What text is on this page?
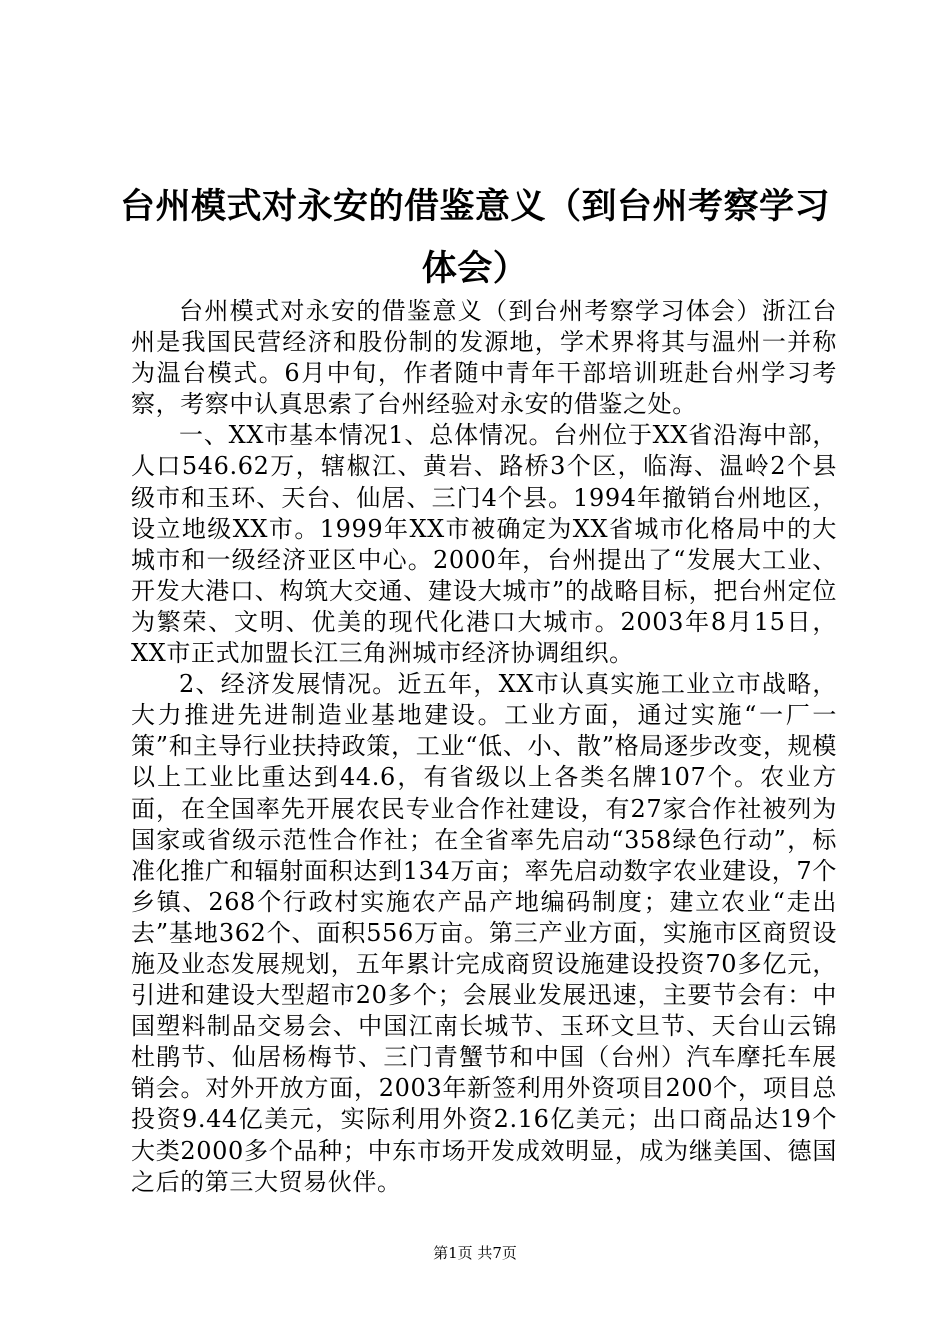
台州模式对永安的借鉴意义（到台州考察学习体会）

台州模式对永安的借鉴意义（到台州考察学习体会）浙江台州是我国民营经济和股份制的发源地，学术界将其与温州一并称为温台模式。6月中旬，作者随中青年干部培训班赴台州学习考察，考察中认真思索了台州经验对永安的借鉴之处。

一、XX市基本情况1、总体情况。台州位于XX省沿海中部，人口546.62万，辖椒江、黄岩、路桥3个区，临海、温岭2个县级市和玉环、天台、仙居、三门4个县。1994年撤销台州地区，设立地级XX市。1999年XX市被确定为XX省城市化格局中的大城市和一级经济亚区中心。2000年，台州提出了“发展大工业、开发大港口、构筑大交通、建设大城市”的战略目标，把台州定位为繁荣、文明、优美的现代化港口大城市。2003年8月15日，XX市正式加盟长江三角洲城市经济协调组织。

2、经济发展情况。近五年，XX市认真实施工业立市战略，大力推进先进制造业基地建设。工业方面，通过实施“一厂一策”和主导行业扶持政策，工业“低、小、散”格局逐步改变，规模以上工业比重达到44.6，有省级以上各类名牌107个。农业方面，在全国率先开展农民专业合作社建设，有27家合作社被列为国家或省级示范性合作社；在全省率先启动“358绿色行动”，标准化推广和辐射面积达到134万亩；率先启动数字农业建设，7个乡镇、268个行政村实施农产品产地编码制度；建立农业“走出去”基地362个、面积556万亩。第三产业方面，实施市区商贸设施及业态发展规划，五年累计完成商贸设施建设投资70多亿元，引进和建设大型超市20多个；会展业发展迅速，主要节会有：中国塑料制品交易会、中国江南长城节、玉环文旦节、天台山云锦杜鹃节、仙居杨梅节、三门青蟹节和中国（台州）汽车摩托车展销会。对外开放方面，2003年新签利用外资项目200个，项目总投资9.44亿美元，实际利用外资2.16亿美元；出口商品达19个大类2000多个品种；中东市场开发成效明显，成为继美国、德国之后的第三大贸易伙伴。

第1页 共7页
